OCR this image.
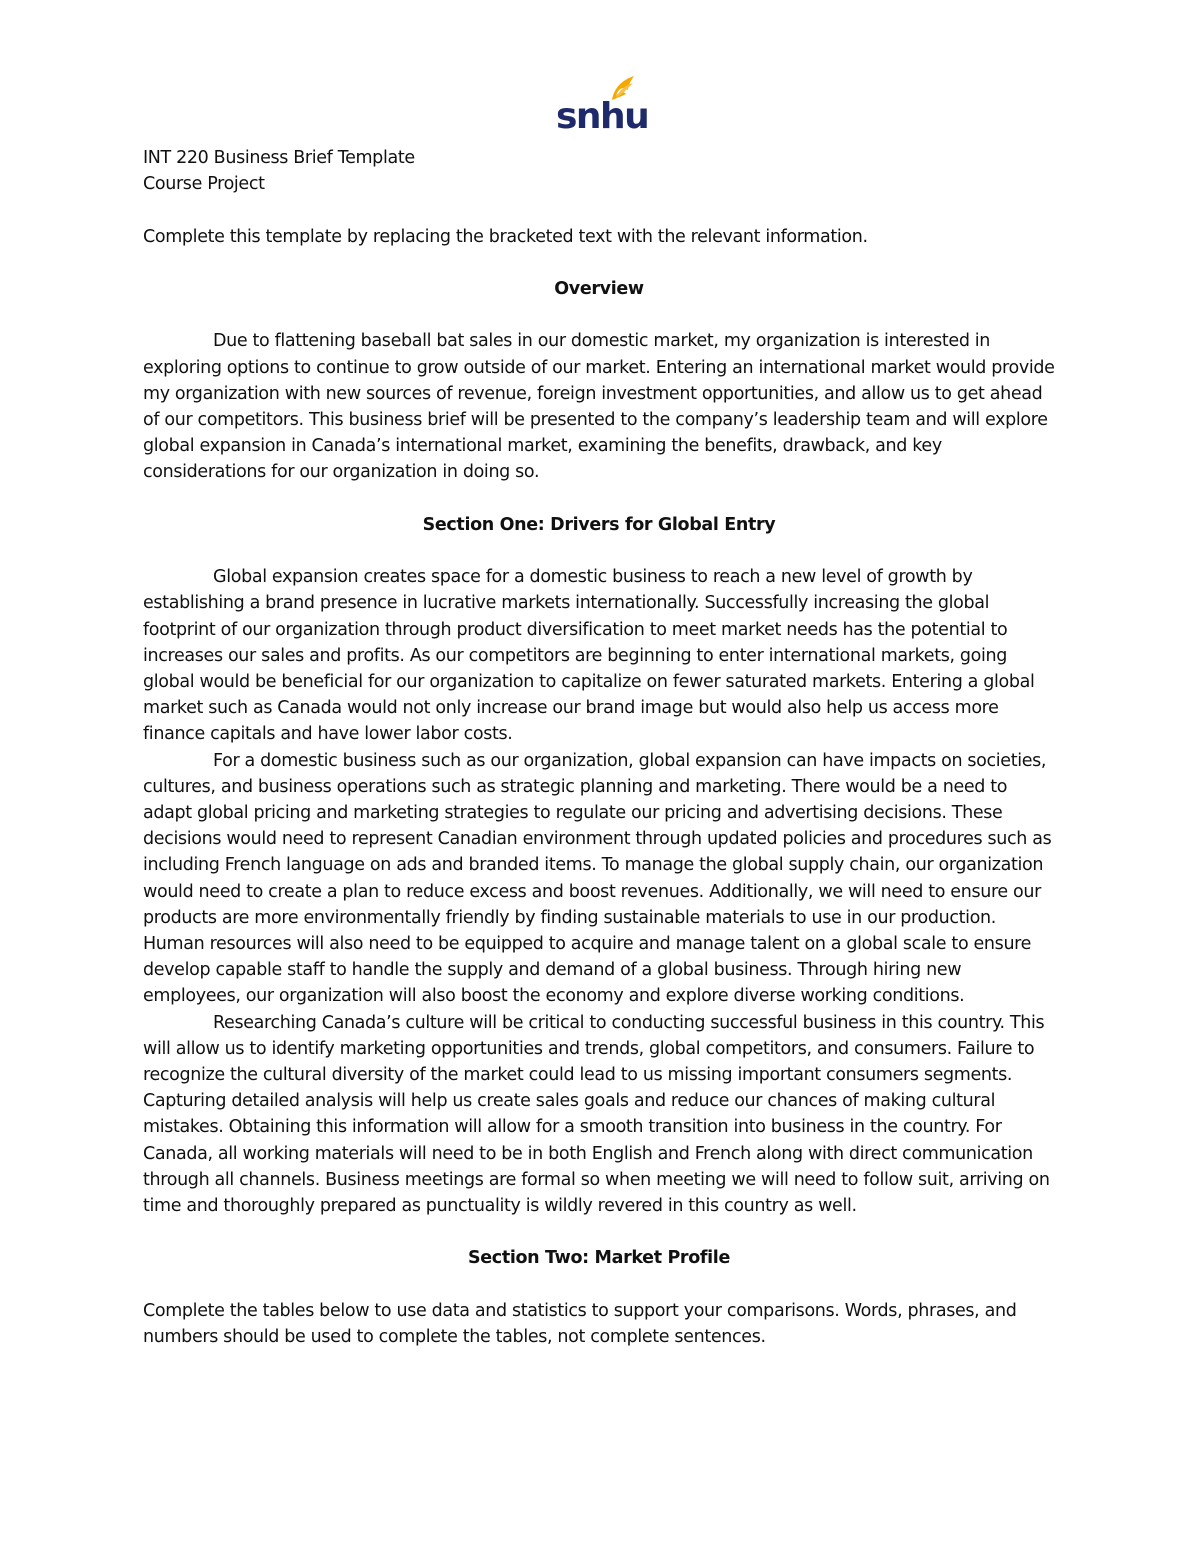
snhu

INT 220 Business Brief Template

Course Project

Complete this template by replacing the bracketed text with the relevant information.

Overview

Due to flattening baseball bat sales in our domestic market, my organization is interested in exploring options to continue to grow outside of our market. Entering an international market would provide my organization with new sources of revenue, foreign investment opportunities, and allow us to get ahead of our competitors. This business brief will be presented to the company’s leadership team and will explore global expansion in Canada’s international market, examining the benefits, drawback, and key considerations for our organization in doing so.

Section One: Drivers for Global Entry

Global expansion creates space for a domestic business to reach a new level of growth by establishing a brand presence in lucrative markets internationally. Successfully increasing the global footprint of our organization through product diversification to meet market needs has the potential to increases our sales and profits. As our competitors are beginning to enter international markets, going global would be beneficial for our organization to capitalize on fewer saturated markets. Entering a global market such as Canada would not only increase our brand image but would also help us access more finance capitals and have lower labor costs.

For a domestic business such as our organization, global expansion can have impacts on societies, cultures, and business operations such as strategic planning and marketing. There would be a need to adapt global pricing and marketing strategies to regulate our pricing and advertising decisions. These decisions would need to represent Canadian environment through updated policies and procedures such as including French language on ads and branded items. To manage the global supply chain, our organization would need to create a plan to reduce excess and boost revenues. Additionally, we will need to ensure our products are more environmentally friendly by finding sustainable materials to use in our production. Human resources will also need to be equipped to acquire and manage talent on a global scale to ensure develop capable staff to handle the supply and demand of a global business. Through hiring new employees, our organization will also boost the economy and explore diverse working conditions.

Researching Canada’s culture will be critical to conducting successful business in this country. This will allow us to identify marketing opportunities and trends, global competitors, and consumers. Failure to recognize the cultural diversity of the market could lead to us missing important consumers segments. Capturing detailed analysis will help us create sales goals and reduce our chances of making cultural mistakes. Obtaining this information will allow for a smooth transition into business in the country. For Canada, all working materials will need to be in both English and French along with direct communication through all channels. Business meetings are formal so when meeting we will need to follow suit, arriving on time and thoroughly prepared as punctuality is wildly revered in this country as well.

Section Two: Market Profile

Complete the tables below to use data and statistics to support your comparisons. Words, phrases, and numbers should be used to complete the tables, not complete sentences.
